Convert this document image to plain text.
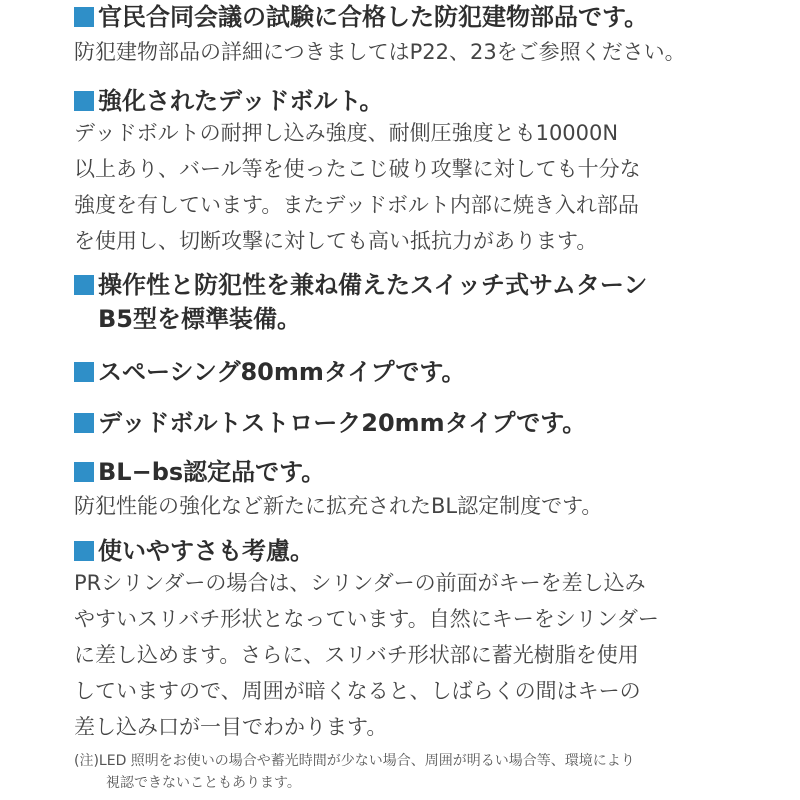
官民合同会議の試験に合格した防犯建物部品です。
防犯建物部品の詳細につきましてはP22、23をご参照ください。
強化されたデッドボルト。
デッドボルトの耐押し込み強度、耐側圧強度とも10000N
以上あり、バール等を使ったこじ破り攻撃に対しても十分な
強度を有しています。またデッドボルト内部に焼き入れ部品
を使用し、切断攻撃に対しても高い抵抗力があります。
操作性と防犯性を兼ね備えたスイッチ式サムターン
B5型を標準装備。
スペーシング80mmタイプです。
デッドボルトストローク20mmタイプです。
BL−bs認定品です。
防犯性能の強化など新たに拡充されたBL認定制度です。
使いやすさも考慮。
PRシリンダーの場合は、シリンダーの前面がキーを差し込み
やすいスリバチ形状となっています。自然にキーをシリンダー
に差し込めます。さらに、スリバチ形状部に蓄光樹脂を使用
していますので、周囲が暗くなると、しばらくの間はキーの
差し込み口が一目でわかります。
(注)LED 照明をお使いの場合や蓄光時間が少ない場合、周囲が明るい場合等、環境により
視認できないこともあります。
